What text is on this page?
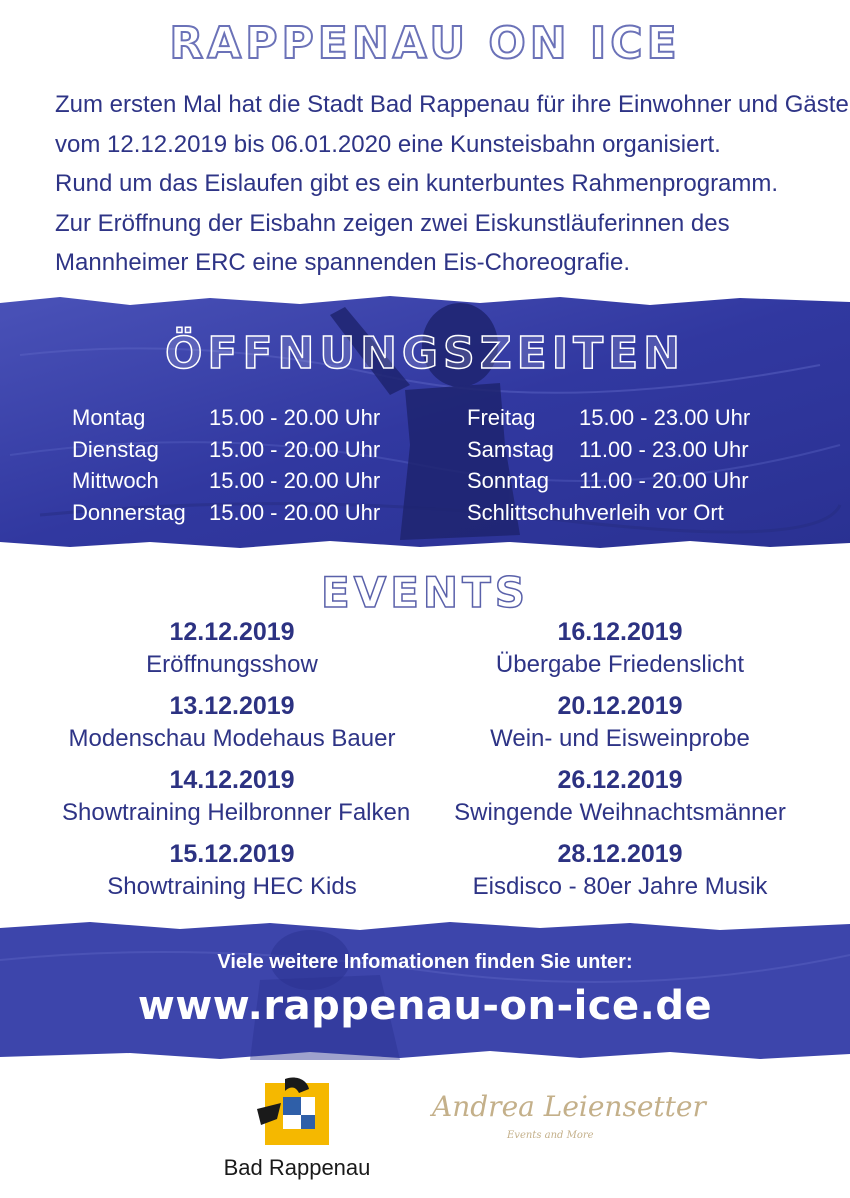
RAPPENAU ON ICE

Zum ersten Mal hat die Stadt Bad Rappenau für ihre Einwohner und Gäste

vom 12.12.2019 bis 06.01.2020 eine Kunsteisbahn organisiert.

Rund um das Eislaufen gibt es ein kunterbuntes Rahmenprogramm.

Zur Eröffnung der Eisbahn zeigen zwei Eiskunstläuferinnen des

Mannheimer ERC eine spannenden Eis-Choreografie.

ÖFFNUNGSZEITEN
Montag	15.00 - 20.00 Uhr
Dienstag	15.00 - 20.00 Uhr
Mittwoch	15.00 - 20.00 Uhr
Donnerstag	15.00 - 20.00 Uhr
Freitag	15.00 - 23.00 Uhr
Samstag	11.00 - 23.00 Uhr
Sonntag	11.00 - 20.00 Uhr
Schlittschuhverleih vor Ort
EVENTS
12.12.2019
Eröffnungsshow
13.12.2019
Modenschau Modehaus Bauer
14.12.2019
Showtraining Heilbronner Falken
15.12.2019
Showtraining HEC Kids
16.12.2019
Übergabe Friedenslicht
20.12.2019
Wein- und Eisweinprobe
26.12.2019
Swingende Weihnachtsmänner
28.12.2019
Eisdisco - 80er Jahre Musik
Viele weitere Infomationen finden Sie unter:
www.rappenau-on-ice.de
Bad Rappenau
Andrea Leiensetter
Events and More
